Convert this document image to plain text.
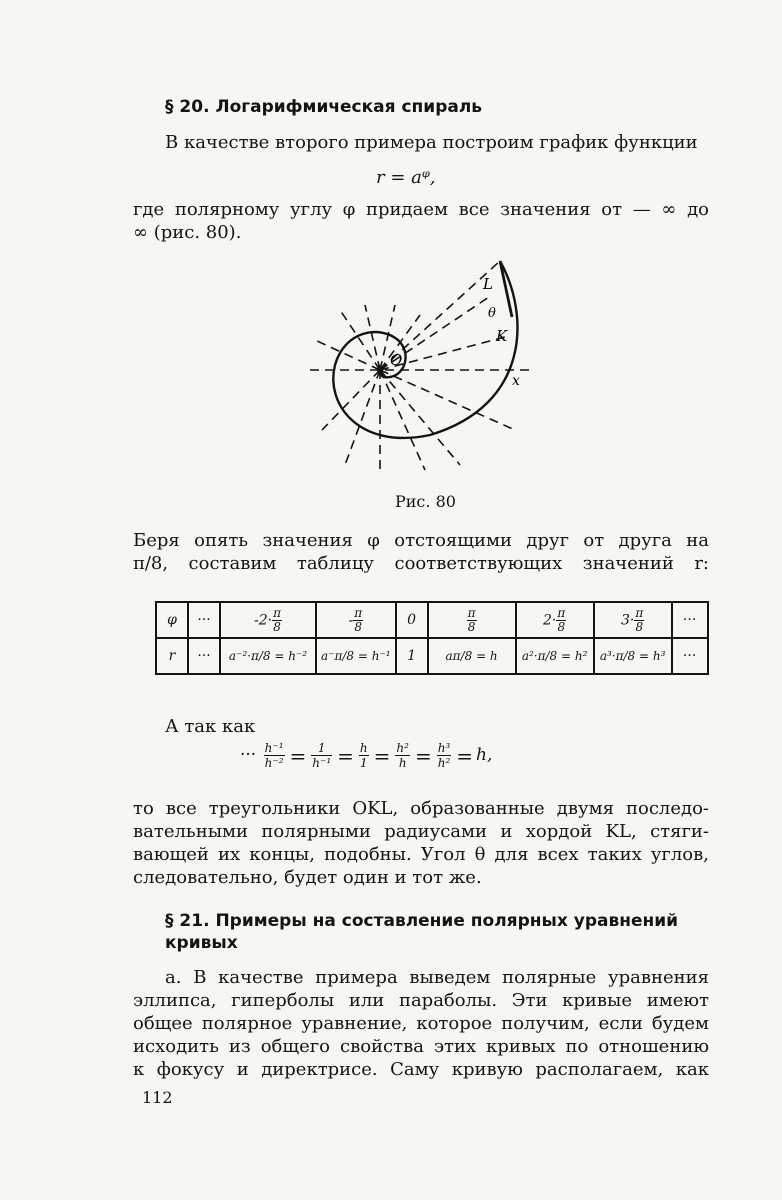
§ 20. Логарифмическая спираль
В качестве второго примера построим график функции
r = aᵠ,
где полярному углу φ придаем все значения от — ∞ до
∞ (рис. 80).
L
θ
K
O
x
Рис. 80
Беря опять значения φ отстоящими друг от друга на
π/8, составим таблицу соответствующих значений r:
φ	···	$-2\cdot \frac{\pi}{8}$	- $\frac{\pi}{8}$	0	$\frac{\pi}{8}$	$2\cdot \frac{\pi}{8}$	$3\cdot \frac{\pi}{8}$	···
r	···	a⁻²·π/8 = h⁻²	a⁻π/8 = h⁻¹	1	aπ/8 = h	a²·π/8 = h²	a³·π/8 = h³	···
А так как
··· $\frac{\text{h⁻¹}}{\text{h⁻²}} = \frac{1}{\text{h⁻¹}} = \frac{h}{1} = \frac{\text{h²}}{h} = \frac{\text{h³}}{\text{h²}} = h$,
то все треугольники OKL, образованные двумя последо-
вательными полярными радиусами и хордой KL, стяги-
вающей их концы, подобны. Угол θ для всех таких углов,
следовательно, будет один и тот же.
§ 21. Примеры на составление полярных уравнений
кривых
а. В качестве примера выведем полярные уравнения
эллипса, гиперболы или параболы. Эти кривые имеют
общее полярное уравнение, которое получим, если будем
исходить из общего свойства этих кривых по отношению
к фокусу и директрисе. Саму кривую располагаем, как
112
